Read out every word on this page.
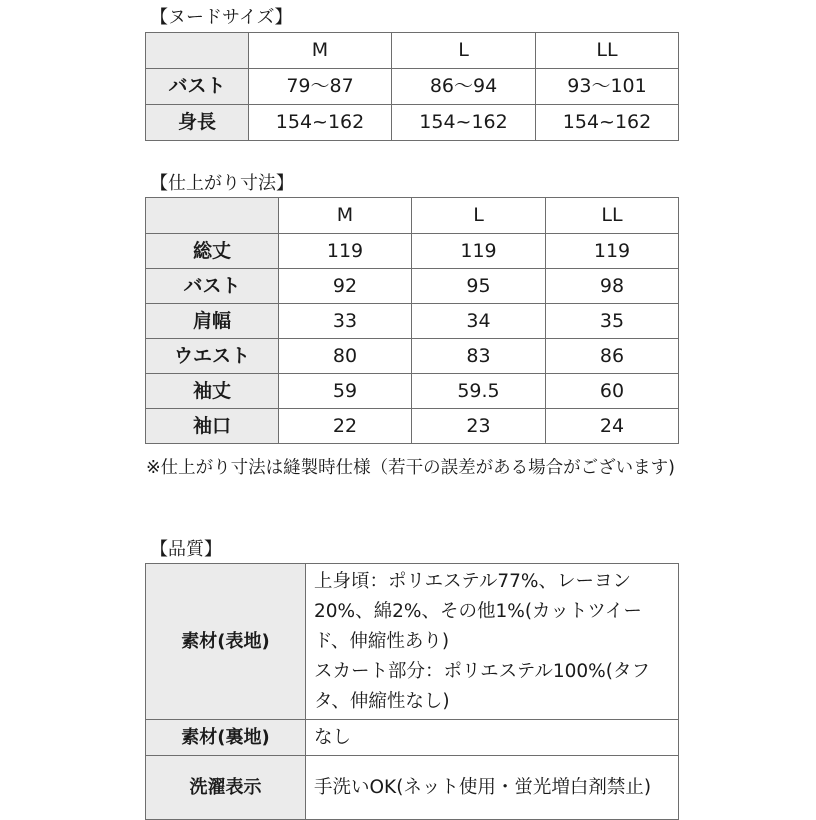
【ヌードサイズ】
	M	L	LL
バスト	79～87	86～94	93～101
身長	154~162	154~162	154~162
【仕上がり寸法】
	M	L	LL
総丈	119	119	119
バスト	92	95	98
肩幅	33	34	35
ウエスト	80	83	86
袖丈	59	59.5	60
袖口	22	23	24
※仕上がり寸法は縫製時仕様（若干の誤差がある場合がございます)
【品質】
素材(表地)	上身頃：ポリエステル77%、レーヨン20%、綿2%、その他1%(カットツイード、伸縮性あり)
スカート部分：ポリエステル100%(タフタ、伸縮性なし)
素材(裏地)	なし
洗濯表示	手洗いOK(ネット使用・蛍光増白剤禁止)
